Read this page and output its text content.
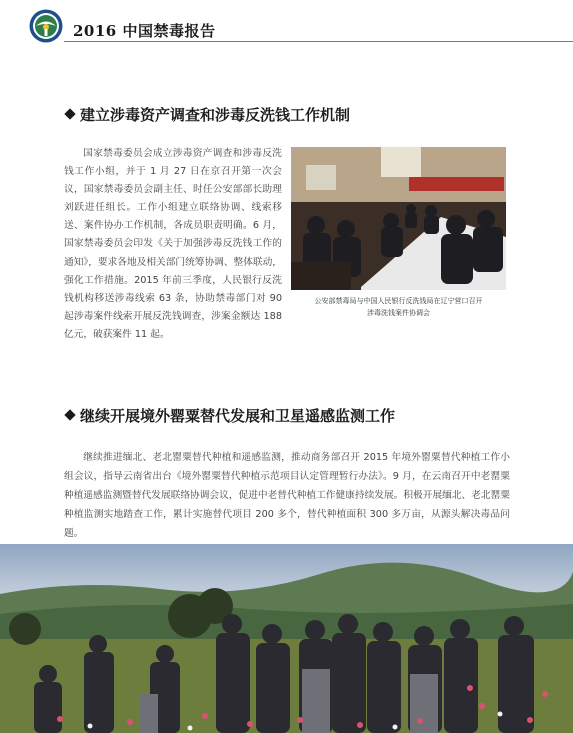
2016 中国禁毒报告
建立涉毒资产调查和涉毒反洗钱工作机制

国家禁毒委员会成立涉毒资产调查和涉毒反洗钱工作小组，并于 1 月 27 日在京召开第一次会议，国家禁毒委员会副主任、时任公安部部长助理刘跃进任组长。工作小组建立联络协调、线索移送、案件协办工作机制，各成员职责明确。6 月，国家禁毒委员会印发《关于加强涉毒反洗钱工作的通知》，要求各地及相关部门统筹协调、整体联动，强化工作措施。2015 年前三季度，人民银行反洗钱机构移送涉毒线索 63 条，协助禁毒部门对 90 起涉毒案件线索开展反洗钱调查，涉案金额达 188 亿元，破获案件 11 起。

公安部禁毒局与中国人民银行反洗钱局在辽宁营口召开
涉毒洗钱案件协调会
继续开展境外罂粟替代发展和卫星遥感监测工作

继续推进缅北、老北罂粟替代种植和遥感监测，推动商务部召开 2015 年境外罂粟替代种植工作小组会议，指导云南省出台《境外罂粟替代种植示范项目认定管理暂行办法》。9 月，在云南召开中老罂粟种植遥感监测暨替代发展联络协调会议，促进中老替代种植工作健康持续发展。积极开展缅北、老北罂粟种植监测实地踏查工作，累计实施替代项目 200 多个，替代种植面积 300 多万亩，从源头解决毒品问题。
